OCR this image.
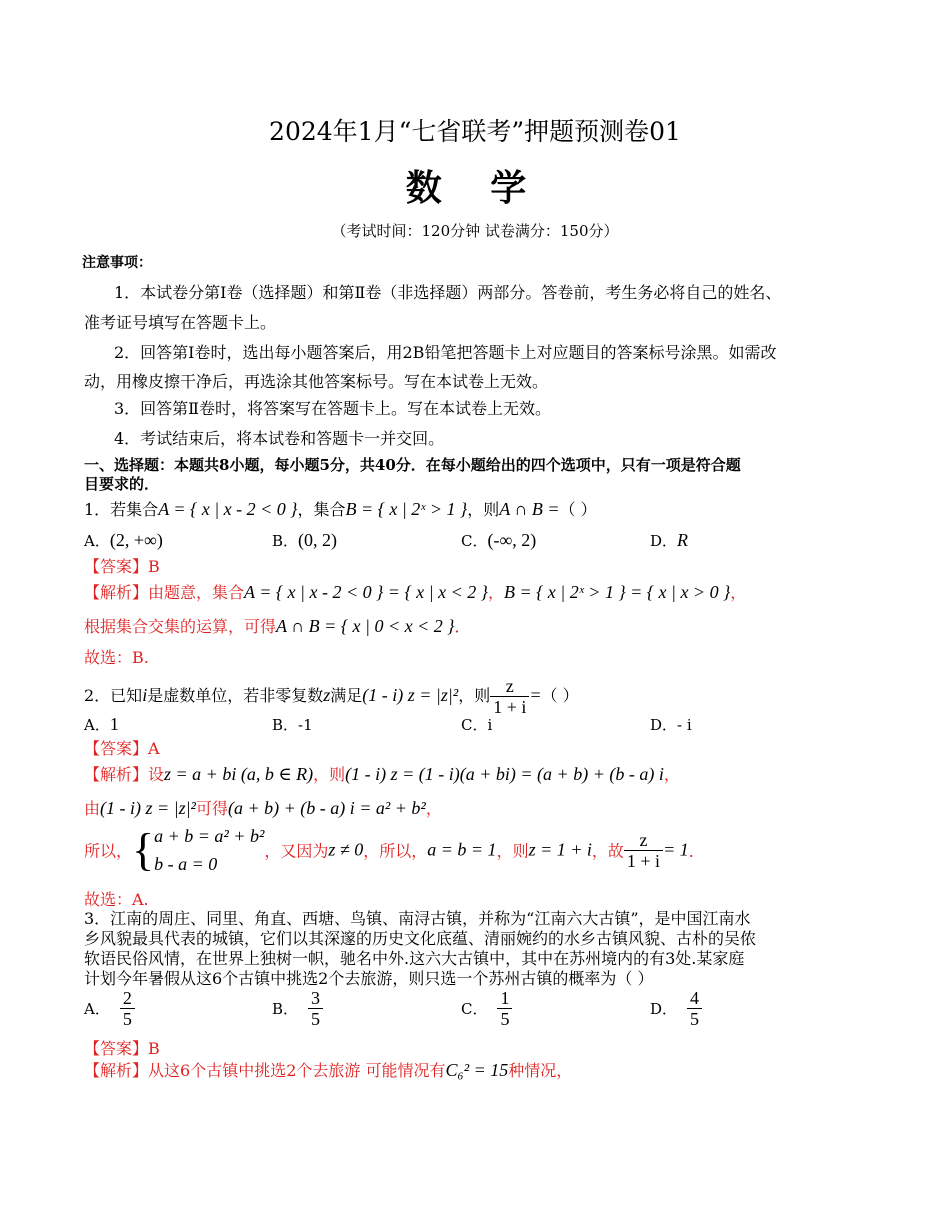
2024年1月“七省联考”押题预测卷01
数 学
（考试时间：120分钟 试卷满分：150分）
注意事项：
1．本试卷分第Ⅰ卷（选择题）和第Ⅱ卷（非选择题）两部分。答卷前，考生务必将自己的姓名、
准考证号填写在答题卡上。
2．回答第Ⅰ卷时，选出每小题答案后，用2B铅笔把答题卡上对应题目的答案标号涂黑。如需改
动，用橡皮擦干净后，再选涂其他答案标号。写在本试卷上无效。
3．回答第Ⅱ卷时，将答案写在答题卡上。写在本试卷上无效。
4．考试结束后，将本试卷和答题卡一并交回。
一、选择题：本题共8小题，每小题5分，共40分．在每小题给出的四个选项中，只有一项是符合题
目要求的．
1．若集合A = { x | x - 2 < 0 }，集合B = { x | 2ˣ > 1 }，则A ∩ B =（ ）
A．(2, +∞)	B．(0, 2)	C．(-∞, 2)	D．R
【答案】B
【解析】由题意，集合A = { x | x - 2 < 0 } = { x | x < 2 }，B = { x | 2ˣ > 1 } = { x | x > 0 }，
根据集合交集的运算，可得A ∩ B = { x | 0 < x < 2 }．
故选：B.
2．已知i是虚数单位，若非零复数z满足(1 - i) z = |z|²，则 $\frac{z}{1 + i}$ =（ ）
A．1	B．-1	C．i	D．- i
【答案】A
【解析】设z = a + bi (a, b ∈ R)，则(1 - i) z = (1 - i)(a + bi) = (a + b) + (b - a) i，
由(1 - i) z = |z|²可得(a + b) + (b - a) i = a² + b²，
所以，{ a + b = a² + b²
b - a = 0
，又因为z ≠ 0，所以，a = b = 1，则z = 1 + i，故 $\frac{z}{1 + i} = 1$．
故选：A.
3．江南的周庄、同里、角直、西塘、鸟镇、南浔古镇，并称为“江南六大古镇”，是中国江南水
乡风貌最具代表的城镇，它们以其深邃的历史文化底蕴、清丽婉约的水乡古镇风貌、古朴的吴侬
软语民俗风情，在世界上独树一帜，驰名中外.这六大古镇中，其中在苏州境内的有3处.某家庭
计划今年暑假从这6个古镇中挑选2个去旅游，则只选一个苏州古镇的概率为（ ）
A． $\frac{2}{5}$	B． $\frac{3}{5}$	C． $\frac{1}{5}$	D． $\frac{4}{5}$
【答案】B
【解析】从这6个古镇中挑选2个去旅游 可能情况有C₆² = 15种情况，
